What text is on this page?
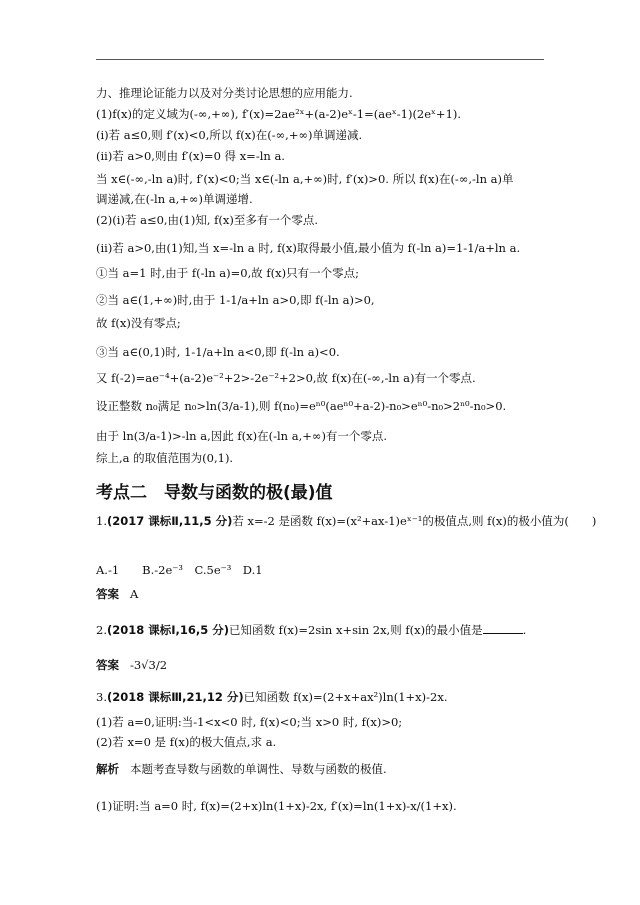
力、推理论证能力以及对分类讨论思想的应用能力.
(1)f(x)的定义域为(-∞,+∞), f′(x)=2ae²ˣ+(a-2)eˣ-1=(aeˣ-1)(2eˣ+1).
(i)若 a≤0,则 f′(x)<0,所以 f(x)在(-∞,+∞)单调递减.
(ii)若 a>0,则由 f′(x)=0 得 x=-ln a.
当 x∈(-∞,-ln a)时, f′(x)<0;当 x∈(-ln a,+∞)时, f′(x)>0. 所以 f(x)在(-∞,-ln a)单
调递减,在(-ln a,+∞)单调递增.
(2)(i)若 a≤0,由(1)知, f(x)至多有一个零点.
(ii)若 a>0,由(1)知,当 x=-ln a 时, f(x)取得最小值,最小值为 f(-ln a)=1-1/a+ln a.
①当 a=1 时,由于 f(-ln a)=0,故 f(x)只有一个零点;
②当 a∈(1,+∞)时,由于 1-1/a+ln a>0,即 f(-ln a)>0,
故 f(x)没有零点;
③当 a∈(0,1)时, 1-1/a+ln a<0,即 f(-ln a)<0.
又 f(-2)=ae⁻⁴+(a-2)e⁻²+2>-2e⁻²+2>0,故 f(x)在(-∞,-ln a)有一个零点.
设正整数 n₀满足 n₀>ln(3/a-1),则 f(n₀)=eⁿ⁰(aeⁿ⁰+a-2)-n₀>eⁿ⁰-n₀>2ⁿ⁰-n₀>0.
由于 ln(3/a-1)>-ln a,因此 f(x)在(-ln a,+∞)有一个零点.
综上,a 的取值范围为(0,1).
考点二　导数与函数的极(最)值
1.(2017 课标Ⅱ,11,5 分)若 x=-2 是函数 f(x)=(x²+ax-1)eˣ⁻¹的极值点,则 f(x)的极小值为(　　)
A.-1　　B.-2e⁻³　C.5e⁻³　D.1
答案 A
2.(2018 课标Ⅰ,16,5 分)已知函数 f(x)=2sin x+sin 2x,则 f(x)的最小值是	.
答案 -3√3/2
3.(2018 课标Ⅲ,21,12 分)已知函数 f(x)=(2+x+ax²)ln(1+x)-2x.
(1)若 a=0,证明:当-1<x<0 时, f(x)<0;当 x>0 时, f(x)>0;
(2)若 x=0 是 f(x)的极大值点,求 a.
解析 本题考查导数与函数的单调性、导数与函数的极值.
(1)证明:当 a=0 时, f(x)=(2+x)ln(1+x)-2x, f′(x)=ln(1+x)-x/(1+x).
